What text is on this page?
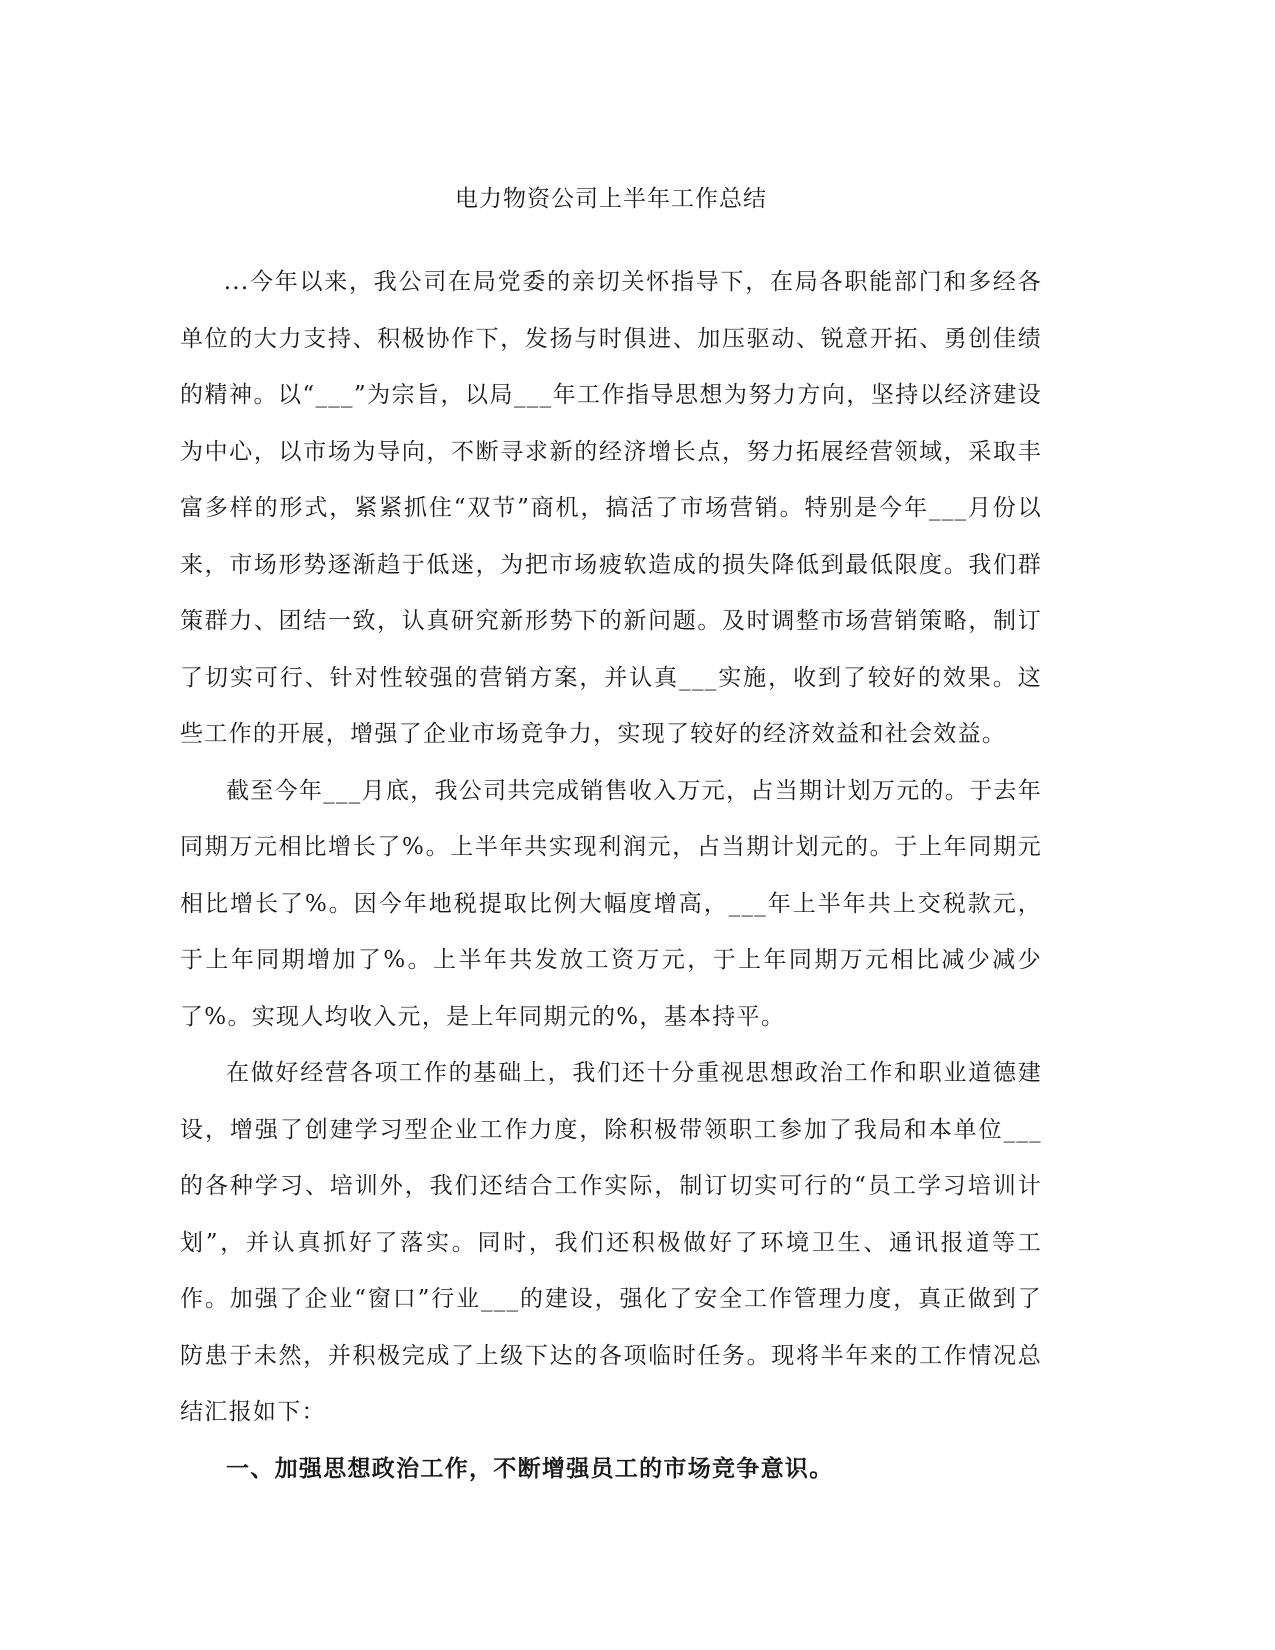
电力物资公司上半年工作总结

...今年以来，我公司在局党委的亲切关怀指导下，在局各职能部门和多经各单位的大力支持、积极协作下，发扬与时俱进、加压驱动、锐意开拓、勇创佳绩的精神。以“___”为宗旨，以局___年工作指导思想为努力方向，坚持以经济建设为中心，以市场为导向，不断寻求新的经济增长点，努力拓展经营领域，采取丰富多样的形式，紧紧抓住“双节”商机，搞活了市场营销。特别是今年___月份以来，市场形势逐渐趋于低迷，为把市场疲软造成的损失降低到最低限度。我们群策群力、团结一致，认真研究新形势下的新问题。及时调整市场营销策略，制订了切实可行、针对性较强的营销方案，并认真___实施，收到了较好的效果。这些工作的开展，增强了企业市场竞争力，实现了较好的经济效益和社会效益。

截至今年___月底，我公司共完成销售收入万元，占当期计划万元的。于去年同期万元相比增长了%。上半年共实现利润元，占当期计划元的。于上年同期元相比增长了%。因今年地税提取比例大幅度增高，___年上半年共上交税款元，于上年同期增加了%。上半年共发放工资万元，于上年同期万元相比减少减少了%。实现人均收入元，是上年同期元的%，基本持平。

在做好经营各项工作的基础上，我们还十分重视思想政治工作和职业道德建设，增强了创建学习型企业工作力度，除积极带领职工参加了我局和本单位___的各种学习、培训外，我们还结合工作实际，制订切实可行的“员工学习培训计划”，并认真抓好了落实。同时，我们还积极做好了环境卫生、通讯报道等工作。加强了企业“窗口”行业___的建设，强化了安全工作管理力度，真正做到了防患于未然，并积极完成了上级下达的各项临时任务。现将半年来的工作情况总结汇报如下：

一、加强思想政治工作，不断增强员工的市场竞争意识。
